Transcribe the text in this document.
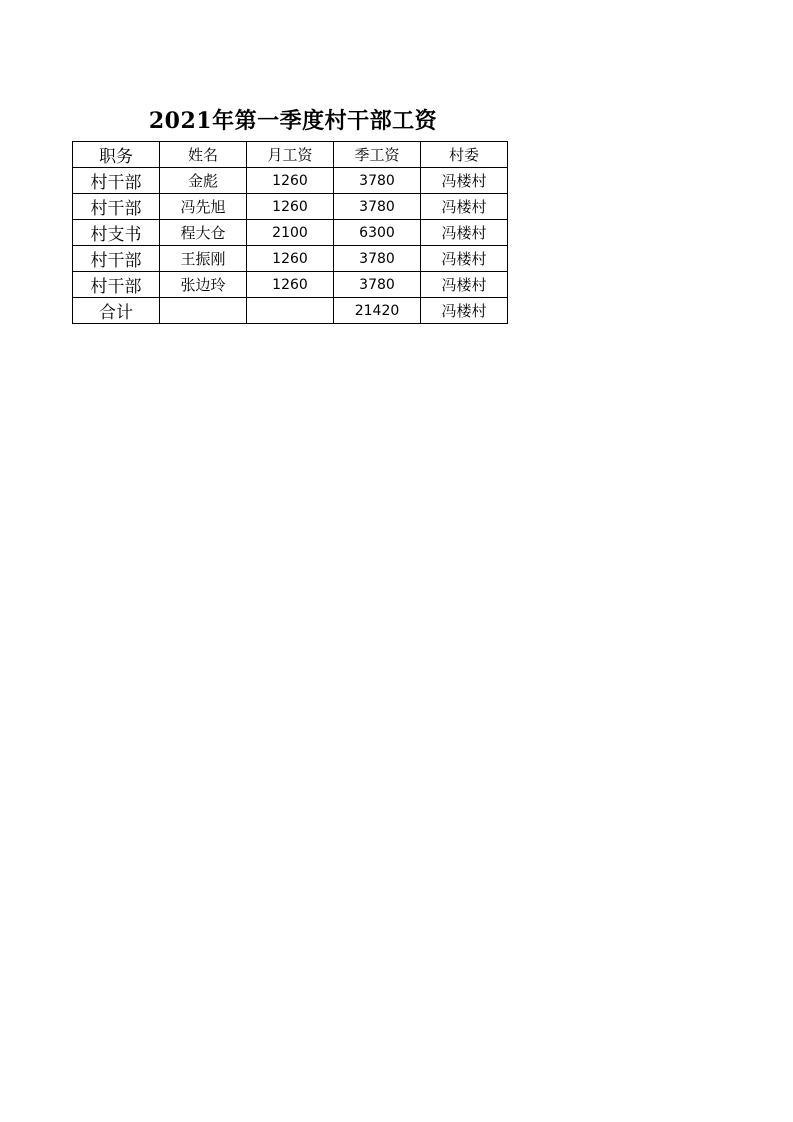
2021年第一季度村干部工资
职务	姓名	月工资	季工资	村委
村干部	金彪	1260	3780	冯楼村
村干部	冯先旭	1260	3780	冯楼村
村支书	程大仓	2100	6300	冯楼村
村干部	王振刚	1260	3780	冯楼村
村干部	张边玲	1260	3780	冯楼村
合计			21420	冯楼村
